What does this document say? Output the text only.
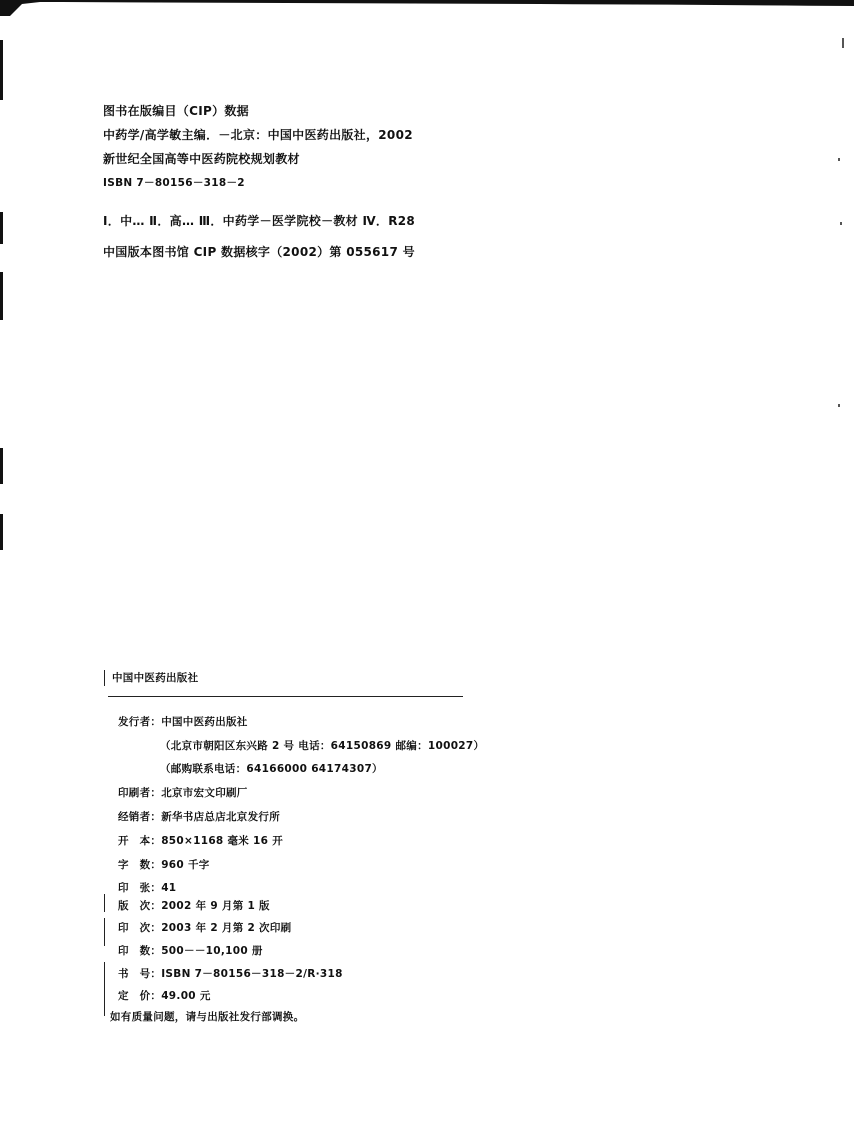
图书在版编目（CIP）数据
中药学/高学敏主编．－北京：中国中医药出版社，2002
新世纪全国高等中医药院校规划教材
ISBN 7－80156－318－2
Ⅰ．中… Ⅱ．高… Ⅲ．中药学－医学院校－教材 Ⅳ．R28
中国版本图书馆 CIP 数据核字（2002）第 055617 号
中国中医药出版社
发行者：中国中医药出版社
（北京市朝阳区东兴路 2 号 电话：64150869 邮编：100027）
（邮购联系电话：64166000 64174307）
印刷者：北京市宏文印刷厂
经销者：新华书店总店北京发行所
开　本：850×1168 毫米 16 开
字　数：960 千字
印　张：41
版　次：2002 年 9 月第 1 版
印　次：2003 年 2 月第 2 次印刷
印　数：500－－10,100 册
书　号：ISBN 7－80156－318－2/R·318
定　价：49.00 元
如有质量问题，请与出版社发行部调换。
